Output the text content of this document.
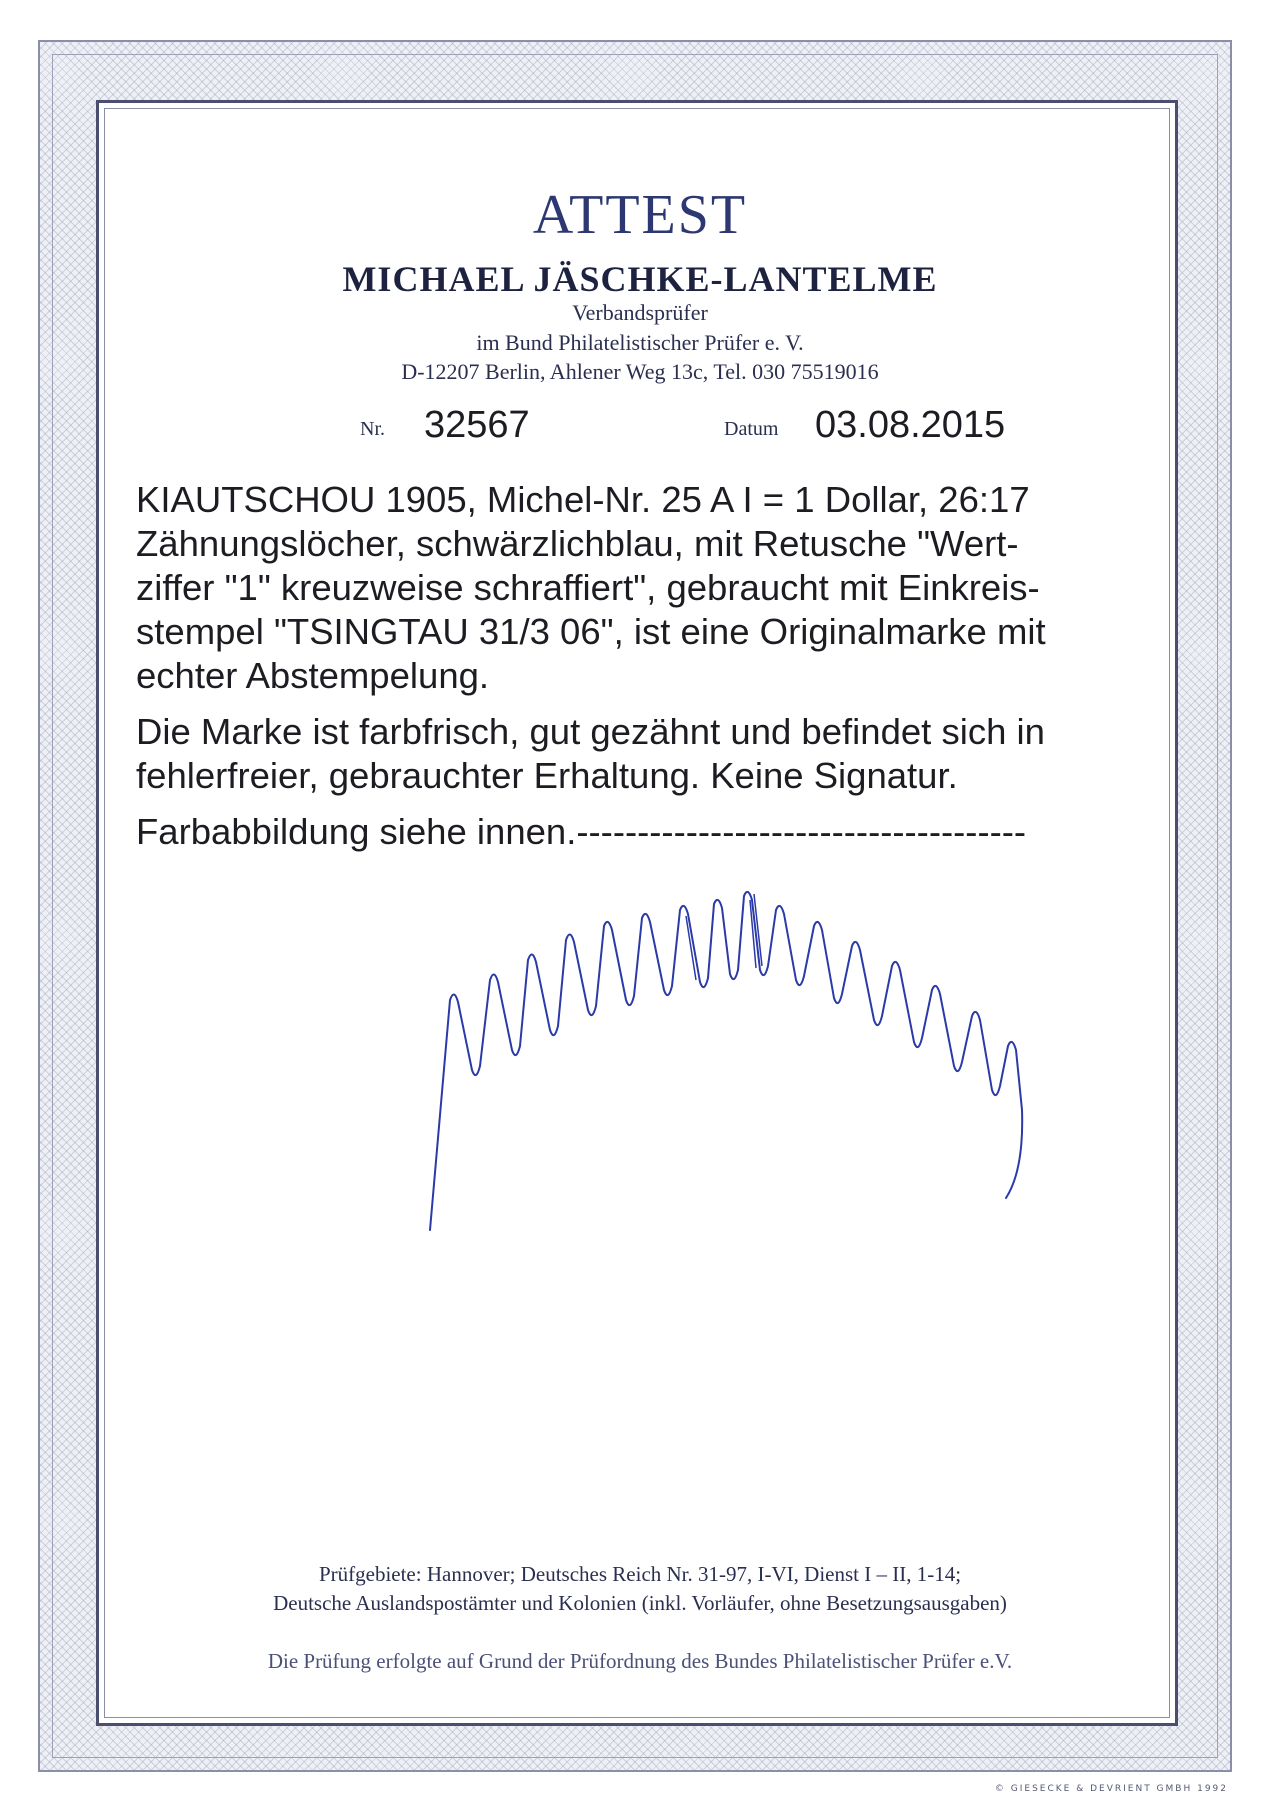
ATTEST
MICHAEL JÄSCHKE-LANTELME
Verbandsprüfer
im Bund Philatelistischer Prüfer e. V.
D-12207 Berlin, Ahlener Weg 13c, Tel. 030 75519016
Nr. 32567	Datum 03.08.2015
KIAUTSCHOU 1905, Michel-Nr. 25 A I = 1 Dollar, 26:17
Zähnungslöcher, schwärzlichblau, mit Retusche "Wert-
ziffer "1" kreuzweise schraffiert", gebraucht mit Einkreis-
stempel "TSINGTAU 31/3 06", ist eine Originalmarke mit
echter Abstempelung.
Die Marke ist farbfrisch, gut gezähnt und befindet sich in
fehlerfreier, gebrauchter Erhaltung. Keine Signatur.
Farbabbildung siehe innen.-------------------------------------
Prüfgebiete: Hannover; Deutsches Reich Nr. 31-97, I-VI, Dienst I – II, 1-14;
Deutsche Auslandspostämter und Kolonien (inkl. Vorläufer, ohne Besetzungsausgaben)
Die Prüfung erfolgte auf Grund der Prüfordnung des Bundes Philatelistischer Prüfer e.V.
© GIESECKE & DEVRIENT GMBH 1992
